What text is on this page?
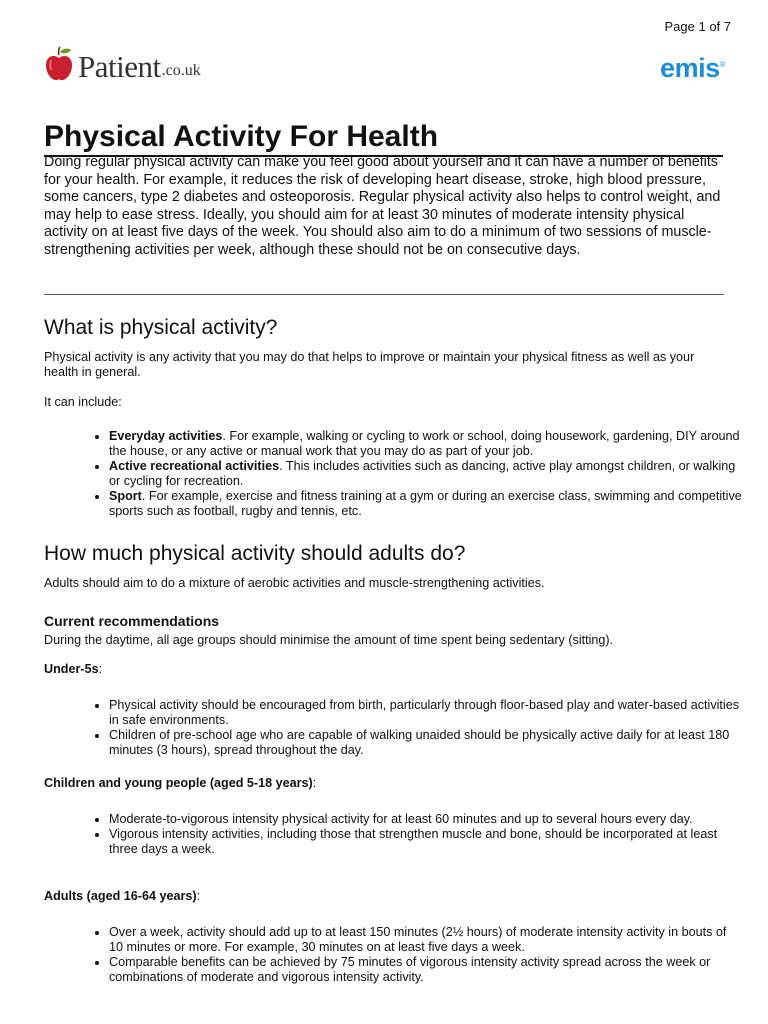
Page 1 of 7
Patient .co.uk	emis®
Physical Activity For Health

Doing regular physical activity can make you feel good about yourself and it can have a number of benefits for your health. For example, it reduces the risk of developing heart disease, stroke, high blood pressure, some cancers, type 2 diabetes and osteoporosis. Regular physical activity also helps to control weight, and may help to ease stress. Ideally, you should aim for at least 30 minutes of moderate intensity physical activity on at least five days of the week. You should also aim to do a minimum of two sessions of muscle-strengthening activities per week, although these should not be on consecutive days.

What is physical activity?

Physical activity is any activity that you may do that helps to improve or maintain your physical fitness as well as your health in general.

It can include:

• Everyday activities. For example, walking or cycling to work or school, doing housework, gardening, DIY around the house, or any active or manual work that you may do as part of your job.
• Active recreational activities. This includes activities such as dancing, active play amongst children, or walking or cycling for recreation.
• Sport. For example, exercise and fitness training at a gym or during an exercise class, swimming and competitive sports such as football, rugby and tennis, etc.
How much physical activity should adults do?

Adults should aim to do a mixture of aerobic activities and muscle-strengthening activities.

Current recommendations

During the daytime, all age groups should minimise the amount of time spent being sedentary (sitting).

Under-5s:

• Physical activity should be encouraged from birth, particularly through floor-based play and water-based activities in safe environments.
• Children of pre-school age who are capable of walking unaided should be physically active daily for at least 180 minutes (3 hours), spread throughout the day.

Children and young people (aged 5-18 years):

• Moderate-to-vigorous intensity physical activity for at least 60 minutes and up to several hours every day.
• Vigorous intensity activities, including those that strengthen muscle and bone, should be incorporated at least three days a week.

Adults (aged 16-64 years):

• Over a week, activity should add up to at least 150 minutes (2½ hours) of moderate intensity activity in bouts of 10 minutes or more. For example, 30 minutes on at least five days a week.
• Comparable benefits can be achieved by 75 minutes of vigorous intensity activity spread across the week or combinations of moderate and vigorous intensity activity.
